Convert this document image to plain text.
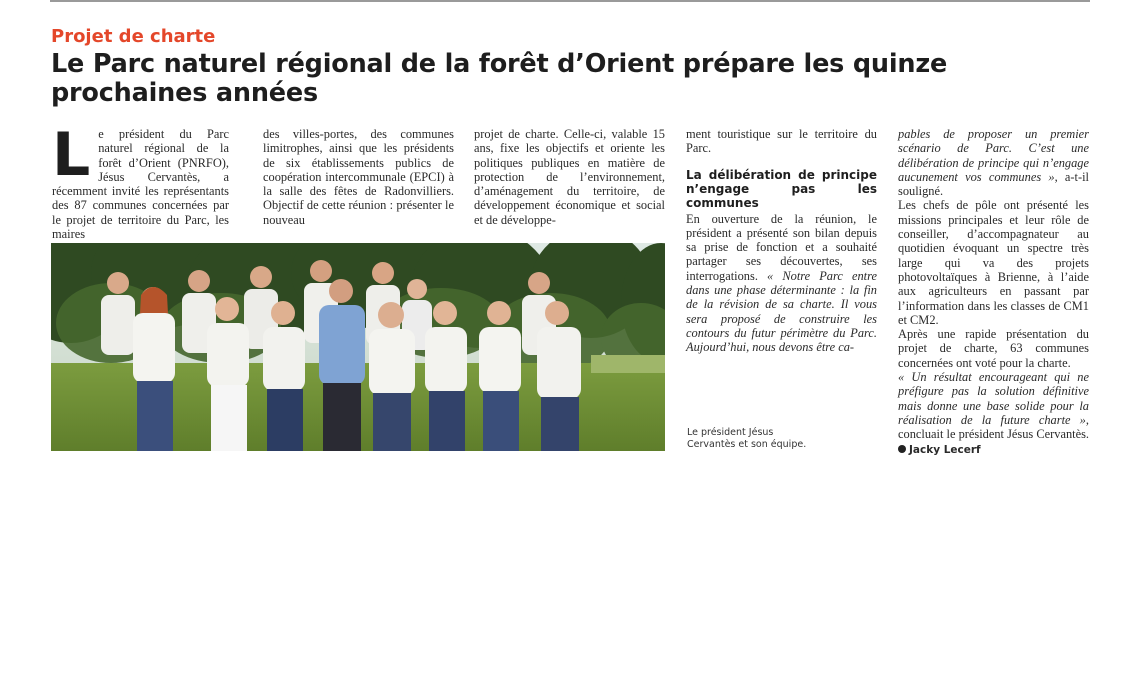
Projet de charte
Le Parc naturel régional de la forêt d’Orient prépare les quinze prochaines années
L e président du Parc naturel régional de la forêt d’Orient (PNRFO), Jésus Cervantès, a récemment invité les représentants des 87 communes concernées par le projet de territoire du Parc, les maires
des villes-portes, des communes limitrophes, ainsi que les présidents de six établissements publics de coopération intercommunale (EPCI) à la salle des fêtes de Radonvilliers. Objectif de cette réunion : présenter le nouveau
projet de charte. Celle-ci, valable 15 ans, fixe les objectifs et oriente les politiques publiques en matière de protection de l’environnement, d’aménagement du territoire, de développement économique et social et de développe-

ment touristique sur le territoire du Parc.

La délibération de principe n’engage pas les communes

En ouverture de la réunion, le président a présenté son bilan depuis sa prise de fonction et a souhaité partager ses découvertes, ses interrogations. « Notre Parc entre dans une phase déterminante : la fin de la révision de sa charte. Il vous sera proposé de construire les contours du futur périmètre du Parc. Aujourd’hui, nous devons être ca-

pables de proposer un premier scénario de Parc. C’est une délibération de principe qui n’engage aucunement vos communes », a-t-il souligné.

Les chefs de pôle ont présenté les missions principales et leur rôle de conseiller, d’accompagnateur au quotidien évoquant un spectre très large qui va des projets photovoltaïques à Brienne, à l’aide aux agriculteurs en passant par l’information dans les classes de CM1 et CM2.

Après une rapide présentation du projet de charte, 63 communes concernées ont voté pour la charte.

« Un résultat encourageant qui ne préfigure pas la solution définitive mais donne une base solide pour la réalisation de la future charte », concluait le président Jésus Cervantès. Jacky Lecerf

Le président Jésus Cervantès et son équipe.
